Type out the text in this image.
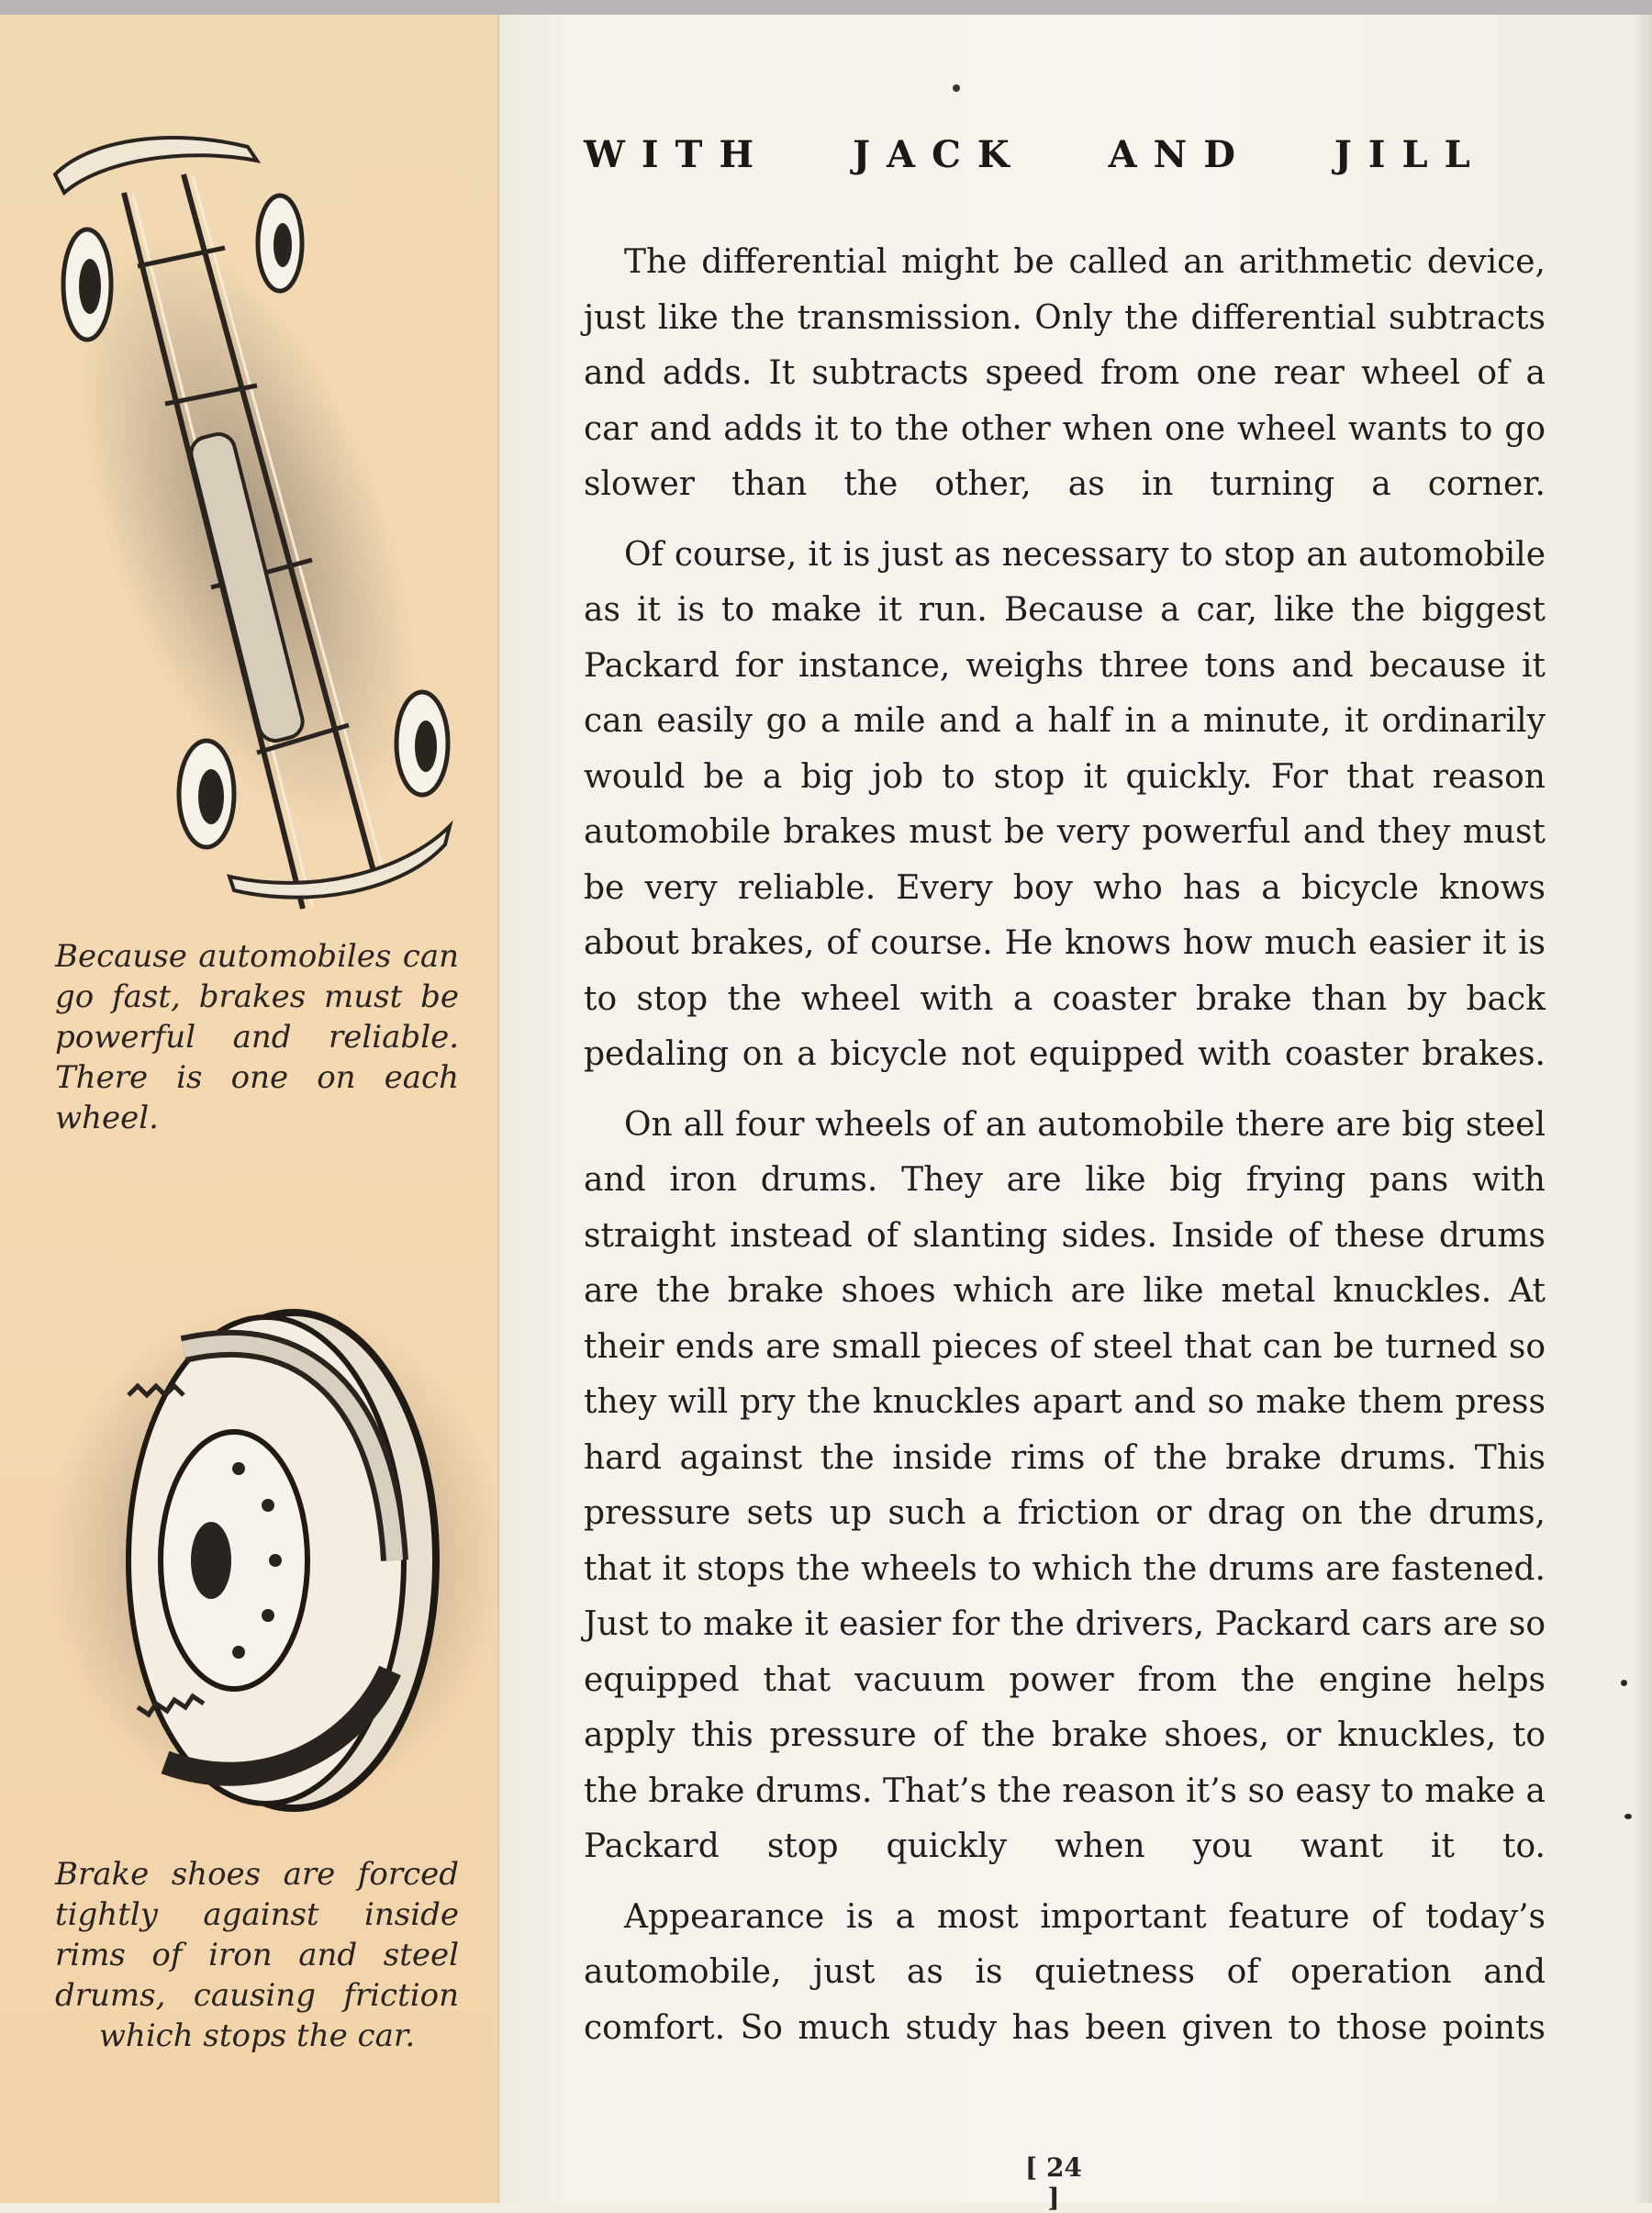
Because automobiles can go fast, brakes must be powerful and reliable. There is one on each wheel.

Brake shoes are forced tightly against inside rims of iron and steel drums, causing friction which stops the car.

WITH JACK AND JILL

The differential might be called an arithmetic device, just like the transmission. Only the differential subtracts and adds. It subtracts speed from one rear wheel of a car and adds it to the other when one wheel wants to go slower than the other, as in turning a corner.

Of course, it is just as necessary to stop an automobile as it is to make it run. Because a car, like the biggest Packard for instance, weighs three tons and because it can easily go a mile and a half in a minute, it ordinarily would be a big job to stop it quickly. For that reason automobile brakes must be very powerful and they must be very reliable. Every boy who has a bicycle knows about brakes, of course. He knows how much easier it is to stop the wheel with a coaster brake than by back pedaling on a bicycle not equipped with coaster brakes.

On all four wheels of an automobile there are big steel and iron drums. They are like big frying pans with straight instead of slanting sides. Inside of these drums are the brake shoes which are like metal knuckles. At their ends are small pieces of steel that can be turned so they will pry the knuckles apart and so make them press hard against the inside rims of the brake drums. This pressure sets up such a friction or drag on the drums, that it stops the wheels to which the drums are fastened. Just to make it easier for the drivers, Packard cars are so equipped that vacuum power from the engine helps apply this pressure of the brake shoes, or knuckles, to the brake drums. That’s the reason it’s so easy to make a Packard stop quickly when you want it to.

Appearance is a most important feature of today’s automobile, just as is quietness of operation and comfort. So much study has been given to those points

[ 24 ]
